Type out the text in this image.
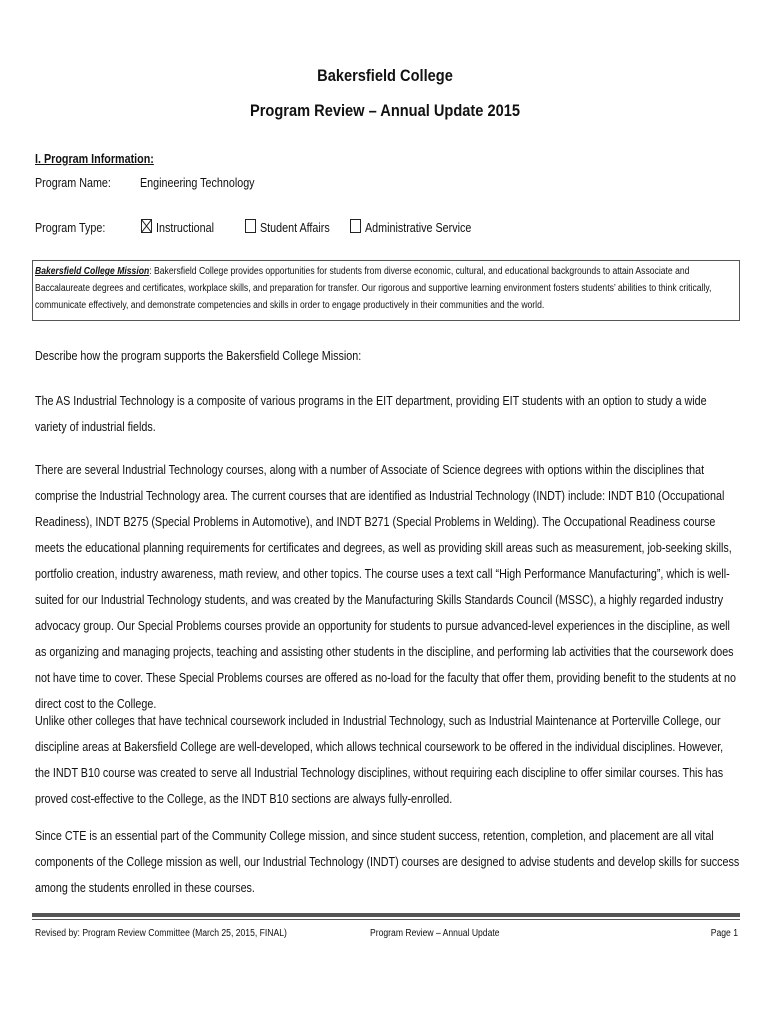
Bakersfield College
Program Review – Annual Update 2015
I. Program Information:
Program Name: Engineering Technology
Program Type:	Instructional	Student Affairs	Administrative Service
Bakersfield College Mission: Bakersfield College provides opportunities for students from diverse economic, cultural, and educational backgrounds to attain Associate and Baccalaureate degrees and certificates, workplace skills, and preparation for transfer. Our rigorous and supportive learning environment fosters students’ abilities to think critically, communicate effectively, and demonstrate competencies and skills in order to engage productively in their communities and the world.
Describe how the program supports the Bakersfield College Mission:
The AS Industrial Technology is a composite of various programs in the EIT department, providing EIT students with an option to study a wide variety of industrial fields.
There are several Industrial Technology courses, along with a number of Associate of Science degrees with options within the disciplines that comprise the Industrial Technology area. The current courses that are identified as Industrial Technology (INDT) include: INDT B10 (Occupational Readiness), INDT B275 (Special Problems in Automotive), and INDT B271 (Special Problems in Welding). The Occupational Readiness course meets the educational planning requirements for certificates and degrees, as well as providing skill areas such as measurement, job-seeking skills, portfolio creation, industry awareness, math review, and other topics. The course uses a text call “High Performance Manufacturing”, which is well-suited for our Industrial Technology students, and was created by the Manufacturing Skills Standards Council (MSSC), a highly regarded industry advocacy group. Our Special Problems courses provide an opportunity for students to pursue advanced-level experiences in the discipline, as well as organizing and managing projects, teaching and assisting other students in the discipline, and performing lab activities that the coursework does not have time to cover. These Special Problems courses are offered as no-load for the faculty that offer them, providing benefit to the students at no direct cost to the College.
Unlike other colleges that have technical coursework included in Industrial Technology, such as Industrial Maintenance at Porterville College, our discipline areas at Bakersfield College are well-developed, which allows technical coursework to be offered in the individual disciplines. However, the INDT B10 course was created to serve all Industrial Technology disciplines, without requiring each discipline to offer similar courses. This has proved cost-effective to the College, as the INDT B10 sections are always fully-enrolled.
Since CTE is an essential part of the Community College mission, and since student success, retention, completion, and placement are all vital components of the College mission as well, our Industrial Technology (INDT) courses are designed to advise students and develop skills for success among the students enrolled in these courses.
Revised by: Program Review Committee (March 25, 2015, FINAL)	Program Review – Annual Update	Page 1
